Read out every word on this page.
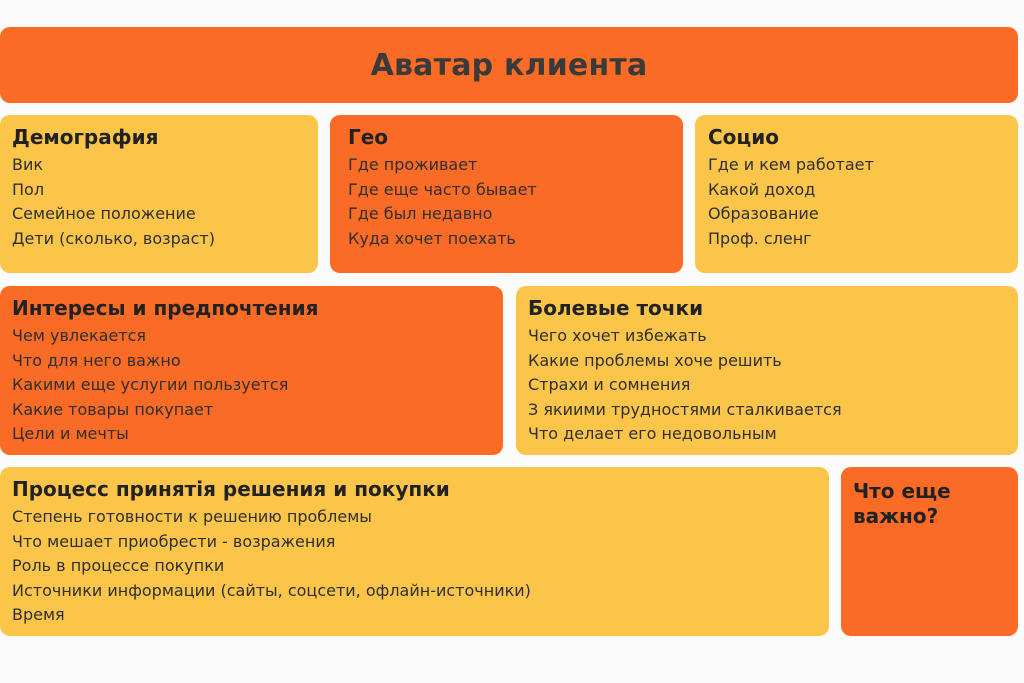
Аватар клиента
Демография
Вик
Пол
Семейное положение
Дети (сколько, возраст)
Гео
Где проживает
Где еще часто бывает
Где был недавно
Куда хочет поехать
Социо
Где и кем работает
Какой доход
Образование
Проф. сленг
Интересы и предпочтения
Чем увлекается
Что для него важно
Какими еще услугии пользуется
Какие товары покупает
Цели и мечты
Болевые точки
Чего хочет избежать
Какие проблемы хоче решить
Страхи и сомнения
З якиими трудностями сталкивается
Что делает его недовольным
Процесс принятія решения и покупки
Степень готовности к решению проблемы
Что мешает приобрести - возражения
Роль в процессе покупки
Источники информации (сайты, соцсети, офлайн-источники)
Время
Что еще
важно?
